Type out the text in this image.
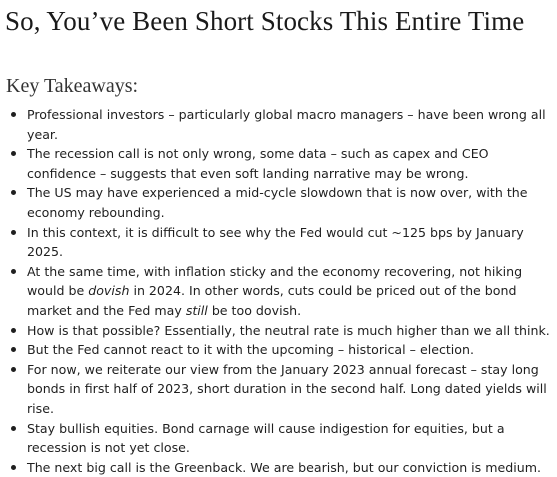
So, You’ve Been Short Stocks This Entire Time
Key Takeaways:
Professional investors – particularly global macro managers – have been wrong all year.
The recession call is not only wrong, some data – such as capex and CEO confidence – suggests that even soft landing narrative may be wrong.
The US may have experienced a mid-cycle slowdown that is now over, with the economy rebounding.
In this context, it is difficult to see why the Fed would cut ~125 bps by January 2025.
At the same time, with inflation sticky and the economy recovering, not hiking would be dovish in 2024. In other words, cuts could be priced out of the bond market and the Fed may still be too dovish.
How is that possible? Essentially, the neutral rate is much higher than we all think.
But the Fed cannot react to it with the upcoming – historical – election.
For now, we reiterate our view from the January 2023 annual forecast – stay long bonds in first half of 2023, short duration in the second half. Long dated yields will rise.
Stay bullish equities. Bond carnage will cause indigestion for equities, but a recession is not yet close.
The next big call is the Greenback. We are bearish, but our conviction is medium.
